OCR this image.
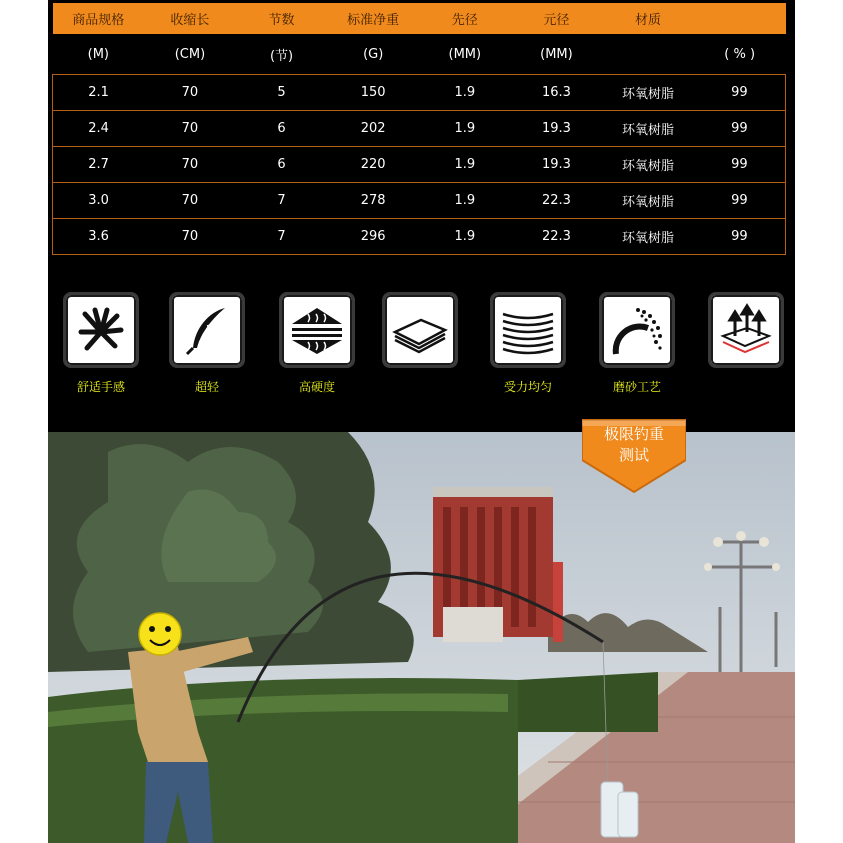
商品规格	收缩长	节数	标准净重	先径	元径	材质	
(M)	(CM)	(节)	(G)	(MM)	(MM)		( % )
2.1	70	5	150	1.9	16.3	环氧树脂	99
2.4	70	6	202	1.9	19.3	环氧树脂	99
2.7	70	6	220	1.9	19.3	环氧树脂	99
3.0	70	7	278	1.9	22.3	环氧树脂	99
3.6	70	7	296	1.9	22.3	环氧树脂	99
舒适手感	超轻	高硬度	受力均匀	磨砂工艺
极限钓重
测试
